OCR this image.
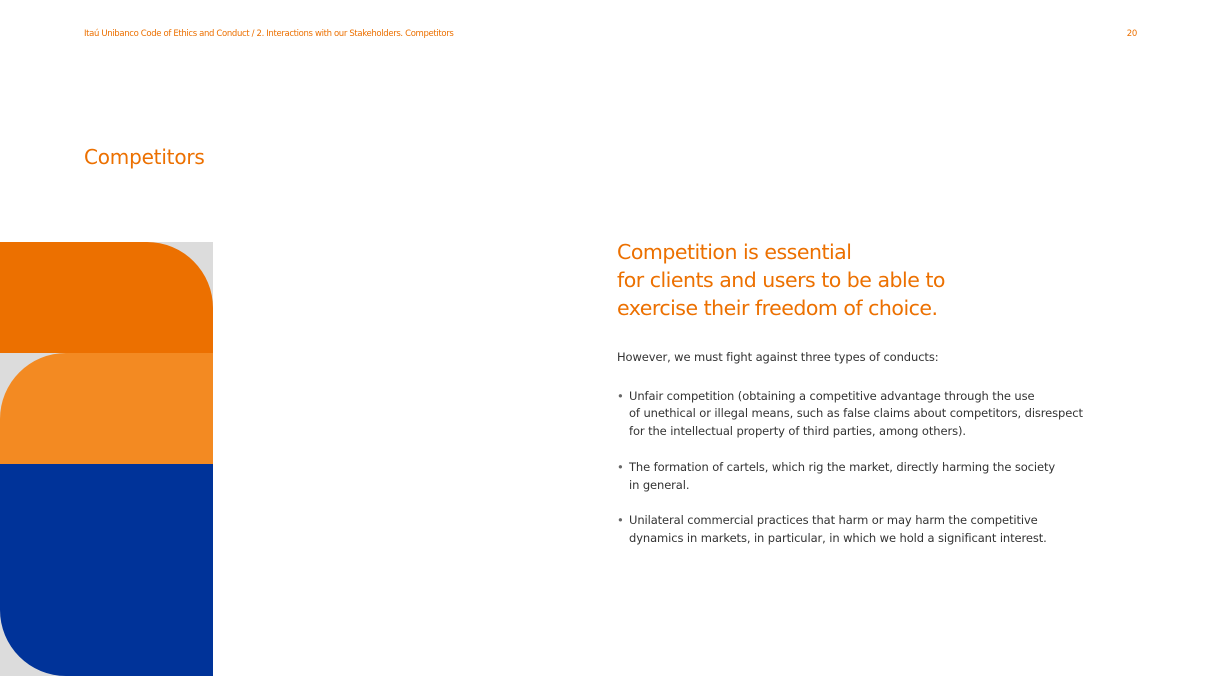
Itaú Unibanco Code of Ethics and Conduct / 2. Interactions with our Stakeholders. Competitors	20
Competitors

Competition is essential
for clients and users to be able to
exercise their freedom of choice.

However, we must fight against three types of conducts:

• Unfair competition (obtaining a competitive advantage through the use
of unethical or illegal means, such as false claims about competitors, disrespect
for the intellectual property of third parties, among others).
• The formation of cartels, which rig the market, directly harming the society
in general.
• Unilateral commercial practices that harm or may harm the competitive
dynamics in markets, in particular, in which we hold a significant interest.
